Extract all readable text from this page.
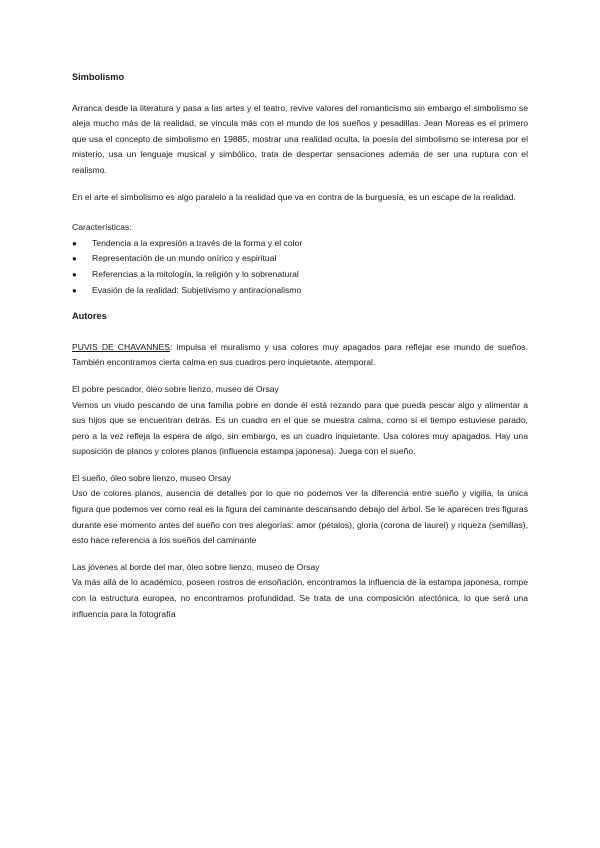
Simbolismo

Arranca desde la literatura y pasa a las artes y el teatro, revive valores del romanticismo sin embargo el simbolismo se aleja mucho más de la realidad, se vincula más con el mundo de los sueños y pesadillas. Jean Moreas es el primero que usa el concepto de simbolismo en 19885, mostrar una realidad oculta, la poesía del simbolismo se interesa por el misterio, usa un lenguaje musical y simbólico, trata de despertar sensaciones además de ser una ruptura con el realismo.

En el arte el simbolismo es algo paralelo a la realidad que va en contra de la burguesía, es un escape de la realidad.

Características:

●	Tendencia a la expresión a través de la forma y el color
●	Representación de un mundo onírico y espiritual
●	Referencias a la mitología, la religión y lo sobrenatural
●	Evasión de la realidad: Subjetivismo y antiracionalismo

Autores

PUVIS DE CHAVANNES: impulsa el muralismo y usa colores muy apagados para reflejar ese mundo de sueños. También encontramos cierta calma en sus cuadros pero inquietante, atemporal.

El pobre pescador, óleo sobre lienzo, museo de Orsay

Vemos un viudo pescando de una familia pobre en donde él está rezando para que pueda pescar algo y alimentar a sus hijos que se encuentran detrás. Es un cuadro en el que se muestra calma, como si el tiempo estuviese parado, pero a la vez refleja la espera de algo, sin embargo, es un cuadro inquietante. Usa colores muy apagados. Hay una suposición de planos y colores planos (influencia estampa japonesa). Juega con el sueño.

El sueño, óleo sobre lienzo, museo Orsay

Uso de colores planos, ausencia de detalles por lo que no podemos ver la diferencia entre sueño y vigilia, la única figura que podemos ver como real es la figura del caminante descansando debajo del árbol. Se le aparecen tres figuras durante ese momento antes del sueño con tres alegorías: amor (pétalos), gloria (corona de laurel) y riqueza (semillas), esto hace referencia a los sueños del caminante

Las jóvenes al borde del mar, óleo sobre lienzo, museo de Orsay

Va más allá de lo académico, poseen rostros de ensoñación, encontramos la influencia de la estampa japonesa, rompe con la estructura europea, no encontramos profundidad. Se trata de una composición atectónica, lo que será una influencia para la fotografía
